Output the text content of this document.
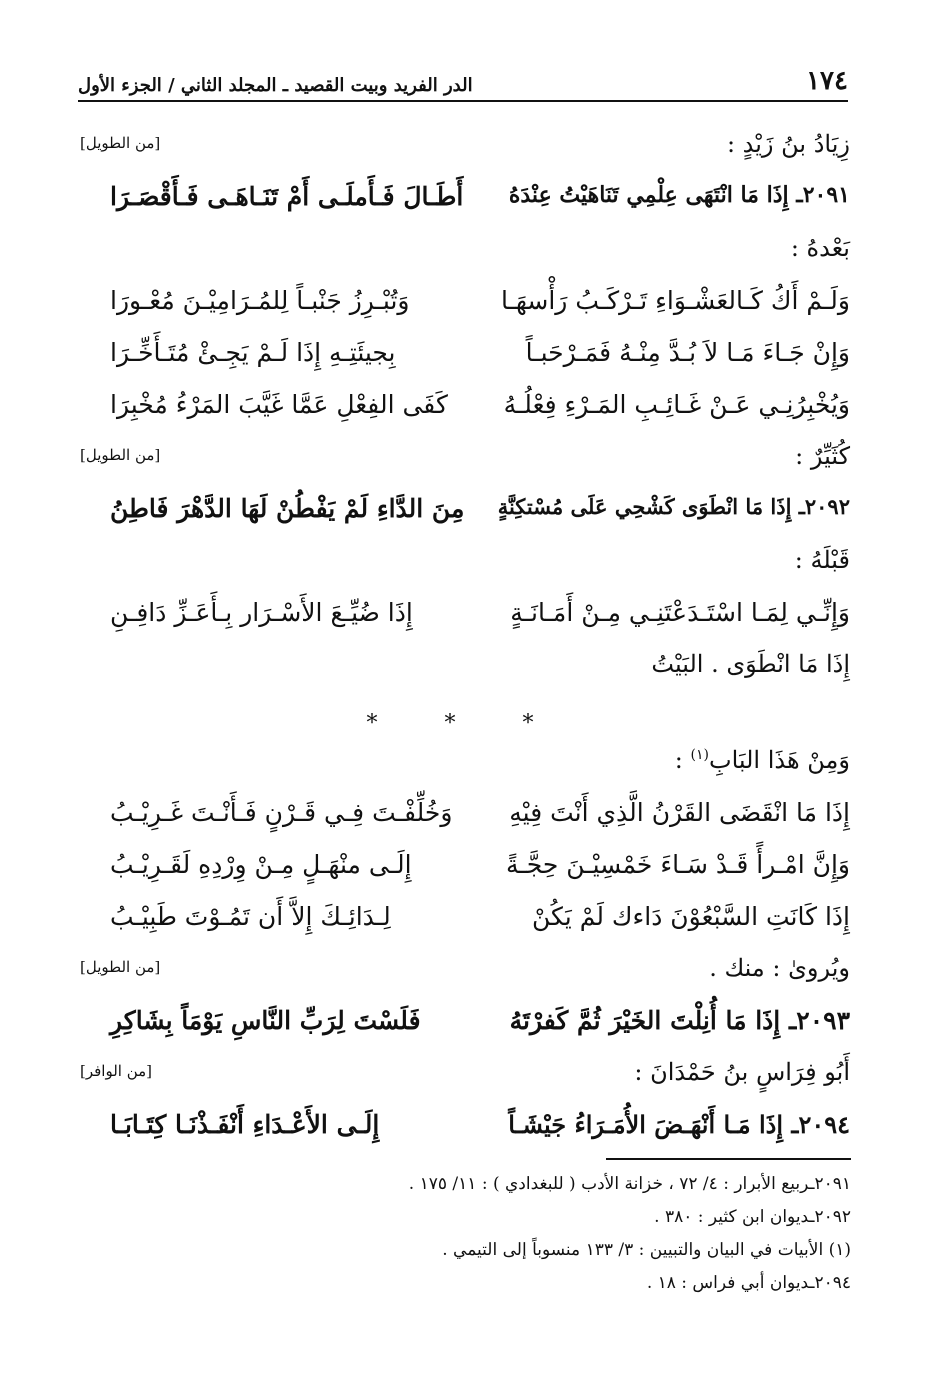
١٧٤
الدر الفريد وبيت القصيد ـ المجلد الثاني / الجزء الأول
زِيَادُ بنُ زَيْدٍ :
[من الطويل]
٢٠٩١ـ إِذَا مَا انْتَهَى عِلْمِي تَنَاهَيْتُ عِنْدَهُ
أَطَـالَ فَـأَملَـى أَمْ تَنَـاهَـى فَـأَقْصَـرَا
بَعْدهُ :
وَلَـمْ أَكُ كَـالعَشْـوَاءِ تَـرْكَـبُ رَأْسهَـا
وَتُبْـرِزُ جَنْبـاً لِلمُـرَامِيْـنَ مُعْـورَا
وَإِنْ جَـاءَ مَـا لاَ بُـدَّ مِنْـهُ فَمَـرْحَبـاً
بِجيئَتِـهِ إِذَا لَـمْ يَجِـئْ مُتَـأَخِّـرَا
وَيُخْبِرُنِـي عَـنْ غَـائِـبِ المَـرْءِ فِعْلُـهُ
كَفَى الفِعْلِ عَمَّا غَيَّبَ المَرْءُ مُخْبِرَا
كُثَيِّرٌ :
[من الطويل]
٢٠٩٢ـ إِذَا مَا انْطَوَى كَشْحِي عَلَى مُسْتكِنَّةٍ
مِنَ الدَّاءِ لَمْ يَفْطُنْ لَهَا الدَّهْرَ فَاطِنُ
قَبْلَهُ :
وَإِنِّـي لِمَـا اسْتَـدَعْتَنِـي مِـنْ أَمَـانَـةٍ
إِذَا ضُيِّـعَ الأَسْـرَار بِـأَعَـزِّ دَافِـنِ
إِذَا مَا انْطَوَى . البَيْتُ
* * *
وَمِنْ هَذَا البَابِ$^{(١)}$ :
إِذَا مَا انْقَضَى القَرْنُ الَّذِي أَنْتَ فِيْهِ
وَخُلِّفْـتَ فِـي قَـرْنٍ فَـأَنْـتَ غَـرِيْـبُ
وَإِنَّ امْـرأً قَـدْ سَـاءَ خَمْسِيْـنَ حِجَّـةً
إِلَـى منْهَـلٍ مِـنْ وِرْدِهِ لَقَـرِيْـبُ
إِذَا كَانَتِ السَّبْعُوْنَ دَاءك لَمْ يَكُنْ
لِـدَائِـكَ إِلاَّ أَن تَمُـوْتَ طَبِيْـبُ
ويُروىٰ : منك .
[من الطويل]
٢٠٩٣ـ إِذَا مَا أُنِلْتَ الخَيْرَ ثُمَّ كَفرْتَهُ
فَلَسْتَ لِرَبِّ النَّاسِ يَوْمَاً بِشَاكِرِ
أَبُو فِرَاسٍ بنُ حَمْدَانَ :
[من الوافر]
٢٠٩٤ـ إِذَا مَـا أَنْهَـضَ الأُمَـرَاءُ جَيْشَـاً
إِلَـى الأَعْـدَاءِ أَنْفَـذْنَـا كِتَـابَـا
٢٠٩١ـربيع الأبرار : ٤/ ٧٢ ، خزانة الأدب ( للبغدادي ) : ١١/ ١٧٥ .
٢٠٩٢ـديوان ابن كثير : ٣٨٠ .
(١) الأبيات في البيان والتبيين : ٣/ ١٣٣ منسوباً إلى التيمي .
٢٠٩٤ـديوان أبي فراس : ١٨ .
